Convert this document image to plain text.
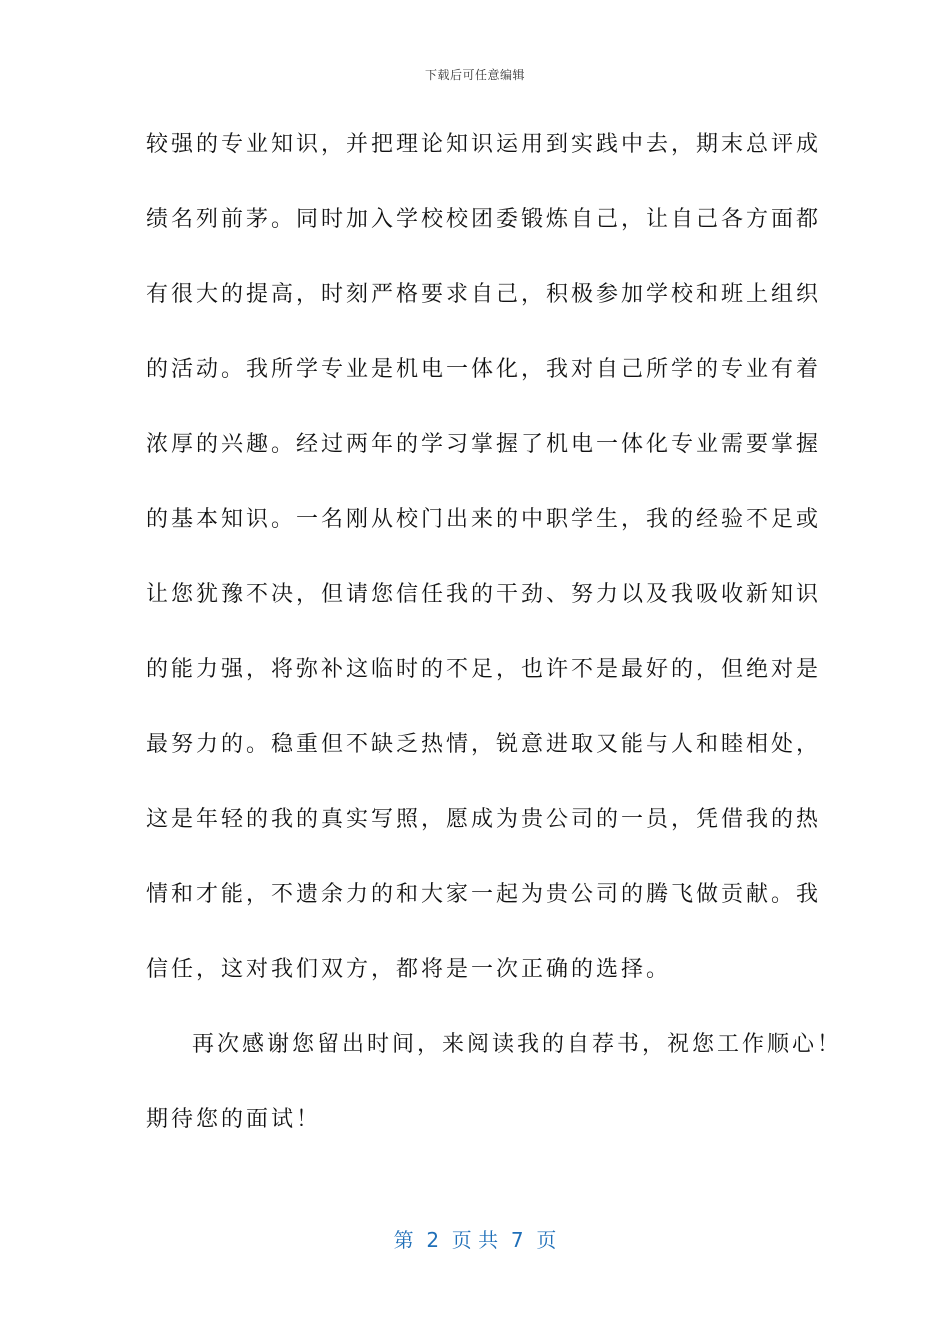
下载后可任意编辑
较强的专业知识，并把理论知识运用到实践中去，期末总评成
绩名列前茅。同时加入学校校团委锻炼自己，让自己各方面都
有很大的提高，时刻严格要求自己，积极参加学校和班上组织
的活动。我所学专业是机电一体化，我对自己所学的专业有着
浓厚的兴趣。经过两年的学习掌握了机电一体化专业需要掌握
的基本知识。一名刚从校门出来的中职学生，我的经验不足或
让您犹豫不决，但请您信任我的干劲、努力以及我吸收新知识
的能力强，将弥补这临时的不足，也许不是最好的，但绝对是
最努力的。稳重但不缺乏热情，锐意进取又能与人和睦相处，
这是年轻的我的真实写照，愿成为贵公司的一员，凭借我的热
情和才能，不遗余力的和大家一起为贵公司的腾飞做贡献。我
信任，这对我们双方，都将是一次正确的选择。
再次感谢您留出时间，来阅读我的自荐书，祝您工作顺心！
期待您的面试！
第  2  页 共  7  页
